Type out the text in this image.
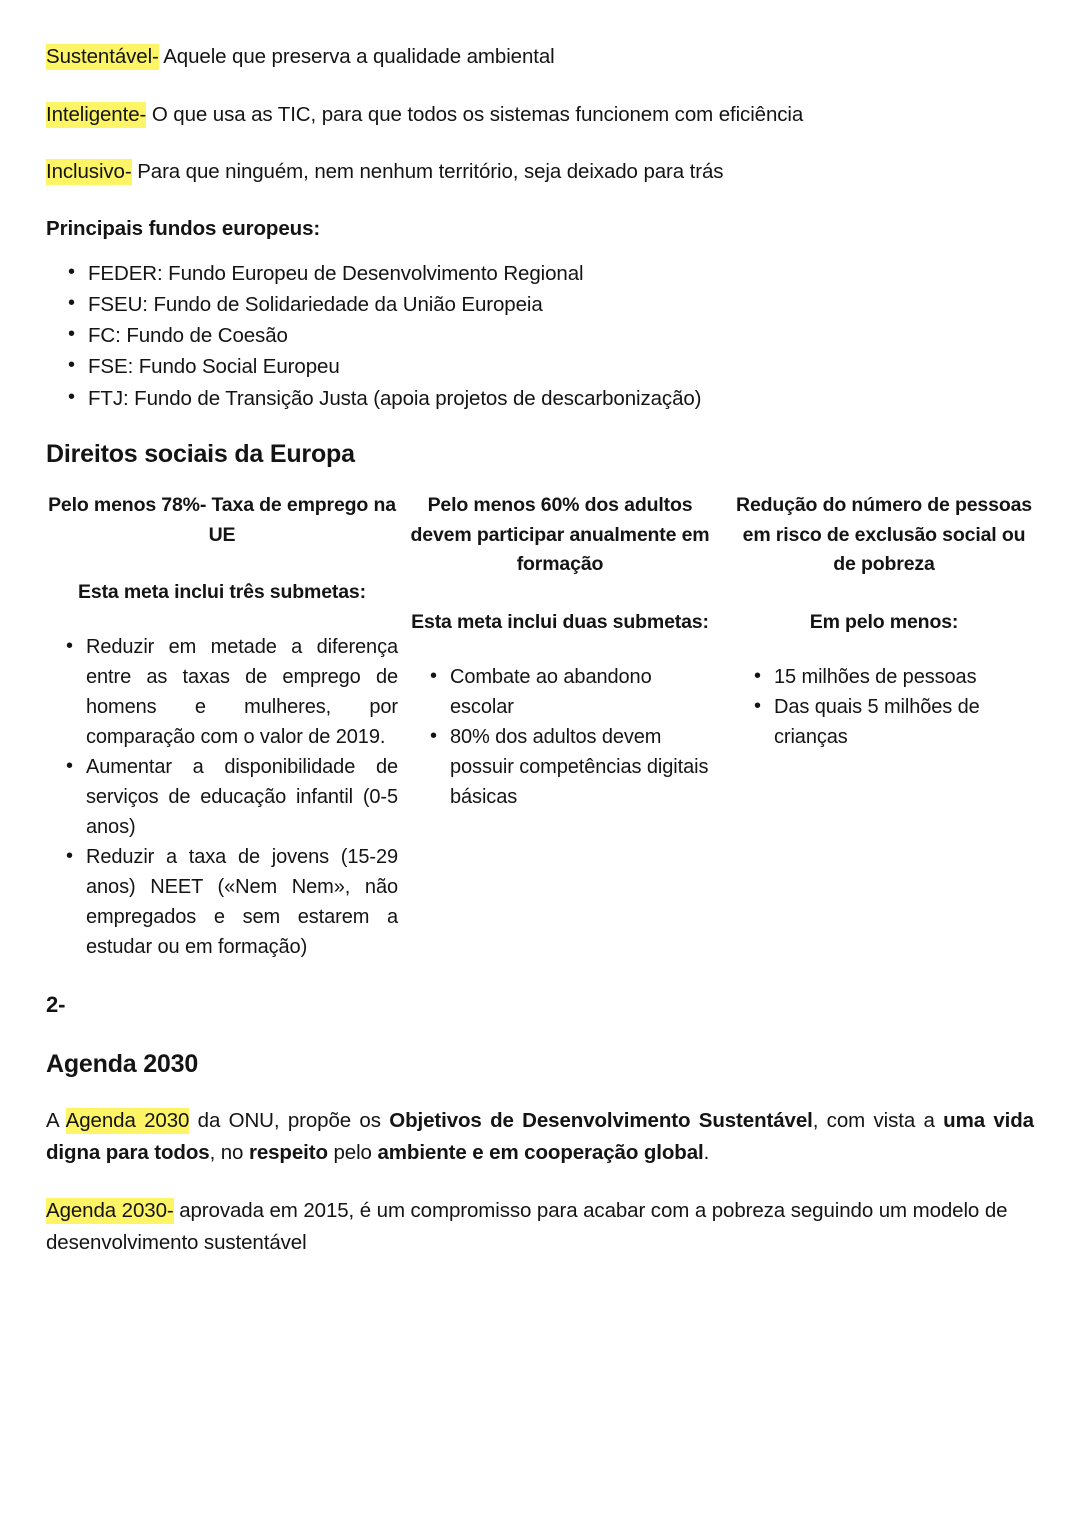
Sustentável- Aquele que preserva a qualidade ambiental

Inteligente- O que usa as TIC, para que todos os sistemas funcionem com eficiência

Inclusivo- Para que ninguém, nem nenhum território, seja deixado para trás

Principais fundos europeus:
• FEDER: Fundo Europeu de Desenvolvimento Regional
• FSEU: Fundo de Solidariedade da União Europeia
• FC: Fundo de Coesão
• FSE: Fundo Social Europeu
• FTJ: Fundo de Transição Justa (apoia projetos de descarbonização)
Direitos sociais da Europa

Pelo menos 78%- Taxa de emprego na UE

Esta meta inclui três submetas:

• Reduzir em metade a diferença entre as taxas de emprego de homens e mulheres, por comparação com o valor de 2019.
• Aumentar a disponibilidade de serviços de educação infantil (0-5 anos)
• Reduzir a taxa de jovens (15-29 anos) NEET («Nem Nem», não empregados e sem estarem a estudar ou em formação)

Pelo menos 60% dos adultos devem participar anualmente em formação

Esta meta inclui duas submetas:

• Combate ao abandono escolar
• 80% dos adultos devem possuir competências digitais básicas

Redução do número de pessoas em risco de exclusão social ou de pobreza

Em pelo menos:

• 15 milhões de pessoas
• Das quais 5 milhões de crianças

2-

Agenda 2030

A Agenda 2030 da ONU, propõe os Objetivos de Desenvolvimento Sustentável, com vista a uma vida digna para todos, no respeito pelo ambiente e em cooperação global.

Agenda 2030- aprovada em 2015, é um compromisso para acabar com a pobreza seguindo um modelo de desenvolvimento sustentável
